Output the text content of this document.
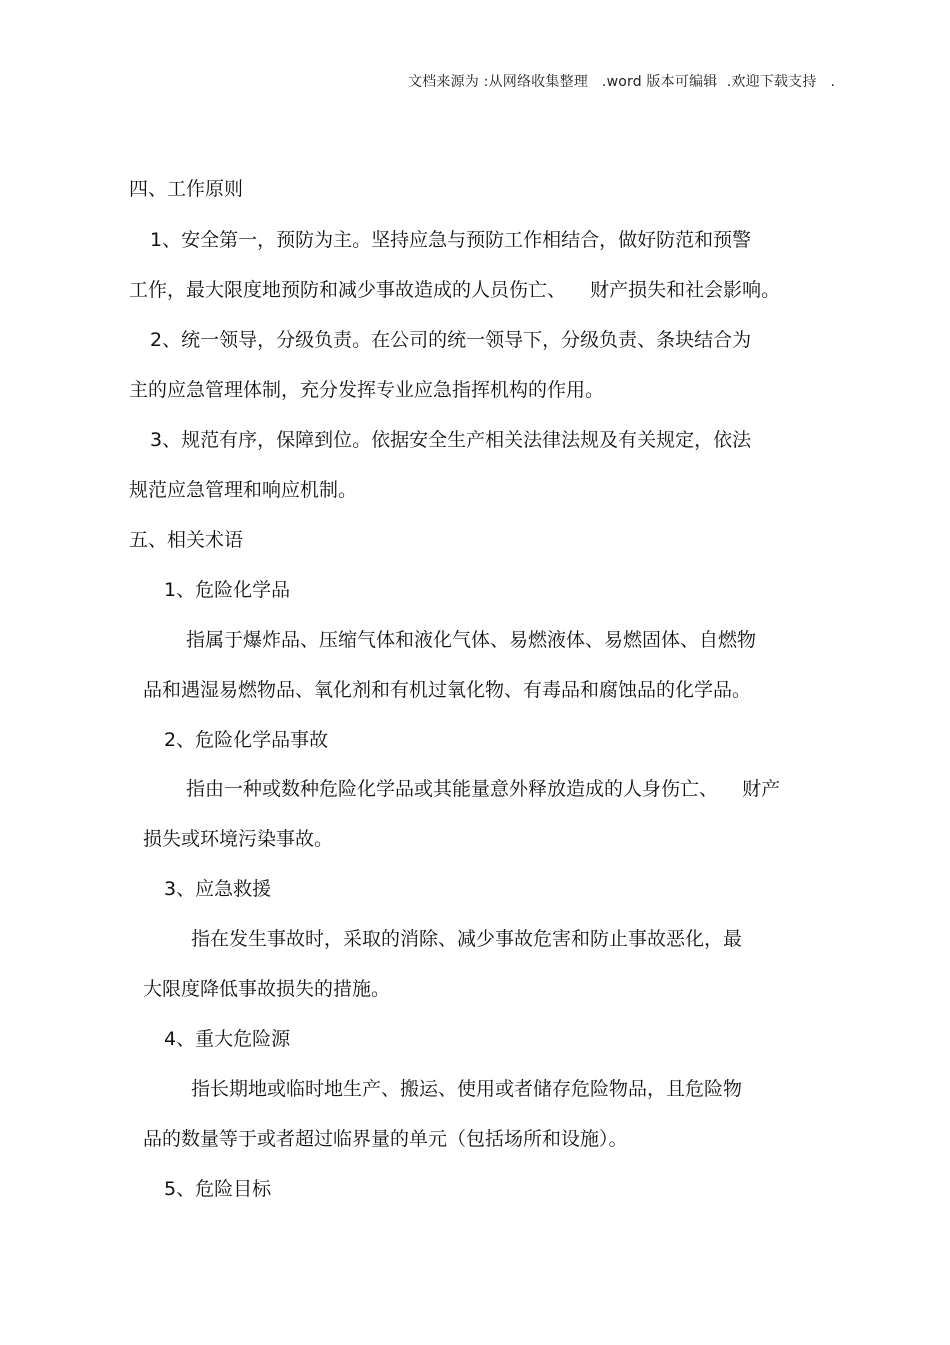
文档来源为 :从网络收集整理   .word 版本可编辑  .欢迎下载支持   .
四、工作原则
1、安全第一，预防为主。坚持应急与预防工作相结合，做好防范和预警
工作，最大限度地预防和减少事故造成的人员伤亡、    财产损失和社会影响。
2、统一领导，分级负责。在公司的统一领导下，分级负责、条块结合为
主的应急管理体制，充分发挥专业应急指挥机构的作用。
3、规范有序，保障到位。依据安全生产相关法律法规及有关规定，依法
规范应急管理和响应机制。
五、相关术语
1、危险化学品
指属于爆炸品、压缩气体和液化气体、易燃液体、易燃固体、自燃物
品和遇湿易燃物品、氧化剂和有机过氧化物、有毒品和腐蚀品的化学品。
2、危险化学品事故
指由一种或数种危险化学品或其能量意外释放造成的人身伤亡、    财产
损失或环境污染事故。
3、应急救援
指在发生事故时，采取的消除、减少事故危害和防止事故恶化，最
大限度降低事故损失的措施。
4、重大危险源
指长期地或临时地生产、搬运、使用或者储存危险物品，且危险物
品的数量等于或者超过临界量的单元（包括场所和设施）。
5、危险目标
